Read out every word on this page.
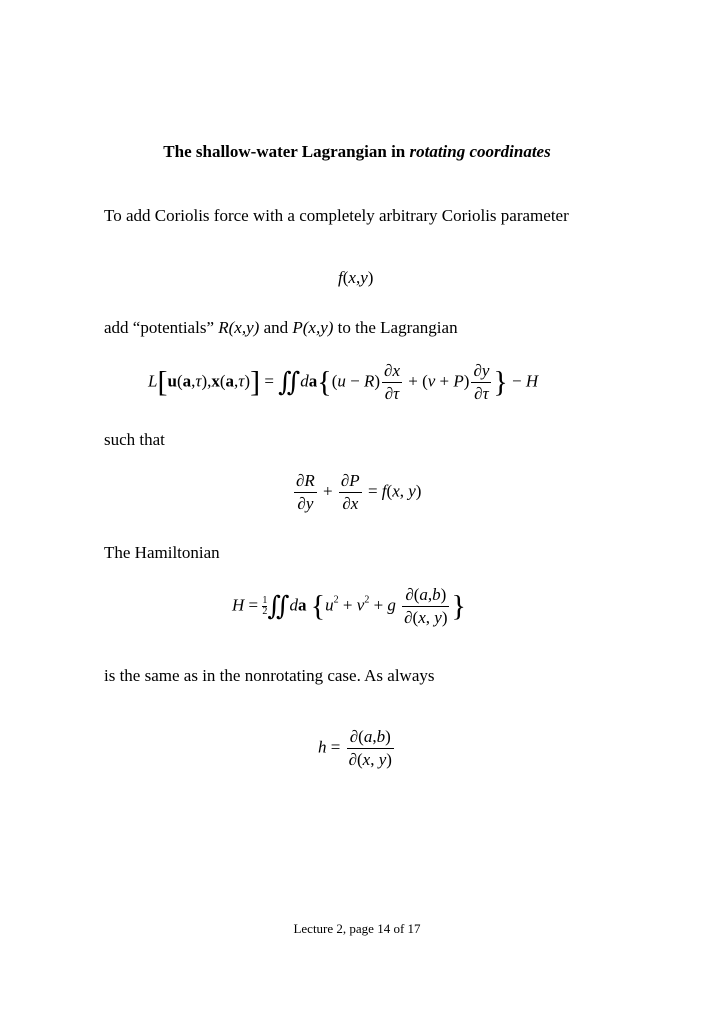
The shallow-water Lagrangian in rotating coordinates
To add Coriolis force with a completely arbitrary Coriolis parameter
f(x,y)
add “potentials” R(x,y) and P(x,y) to the Lagrangian
L[u(a,τ),x(a,τ)] = ∬da{(u − $R) \frac{\partial x}{\partial\tau} + (v + P) \frac{\partial y}{\partial\tau}$ } − H
such that
$\frac{\partial R}{\partial y} + \frac{\partial P}{\partial x} = f(x$, y)
The Hamiltonian
$H = \frac{1}{2}$ ∬da {$u^2 + v^2 + g \frac{\partial(a,b)}{\partial(x, y)}$ }
is the same as in the nonrotating case. As always
$h = \frac{\partial(a,b)}{\partial(x, y)}$
Lecture 2, page 14 of 17
